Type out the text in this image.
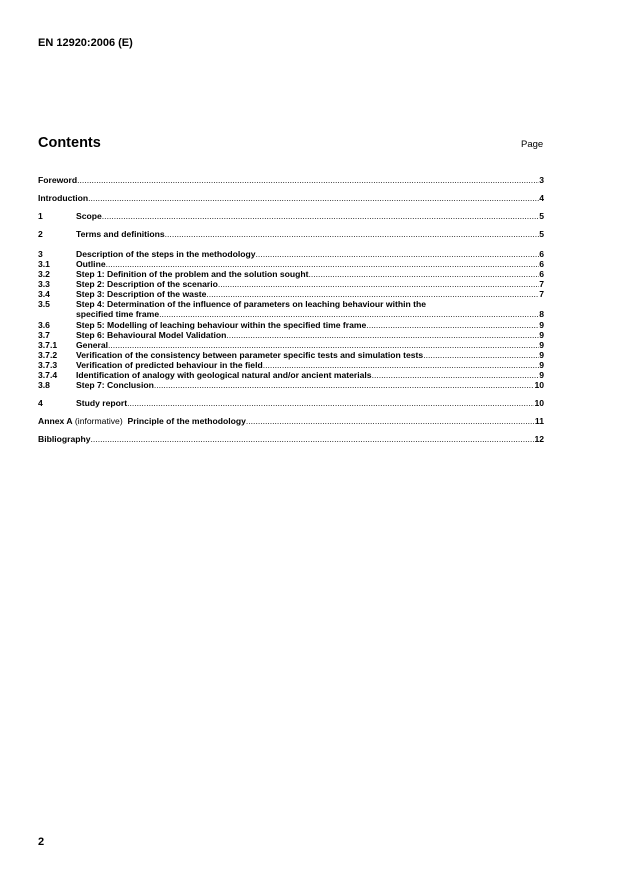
EN 12920:2006 (E)
Contents	Page
Foreword .....	3
Introduction .....	4
1	Scope .....	5
2	Terms and definitions .....	5
3	Description of the steps in the methodology .....	6
3.1	Outline .....	6
3.2	Step 1: Definition of the problem and the solution sought .....	6
3.3	Step 2: Description of the scenario .....	7
3.4	Step 3: Description of the waste .....	7
3.5	Step 4: Determination of the influence of parameters on leaching behaviour within the
specified time frame .....	8
3.6	Step 5: Modelling of leaching behaviour within the specified time frame .....	9
3.7	Step 6: Behavioural Model Validation .....	9
3.7.1 General .....	9
3.7.2 Verification of the consistency between parameter specific tests and simulation tests .....	9
3.7.3 Verification of predicted behaviour in the field .....	9
3.7.4 Identification of analogy with geological natural and/or ancient materials .....	9
3.8	Step 7: Conclusion .....	10
4	Study report .....	10
Annex A (informative) Principle of the methodology .....	11
Bibliography .....	12
2
